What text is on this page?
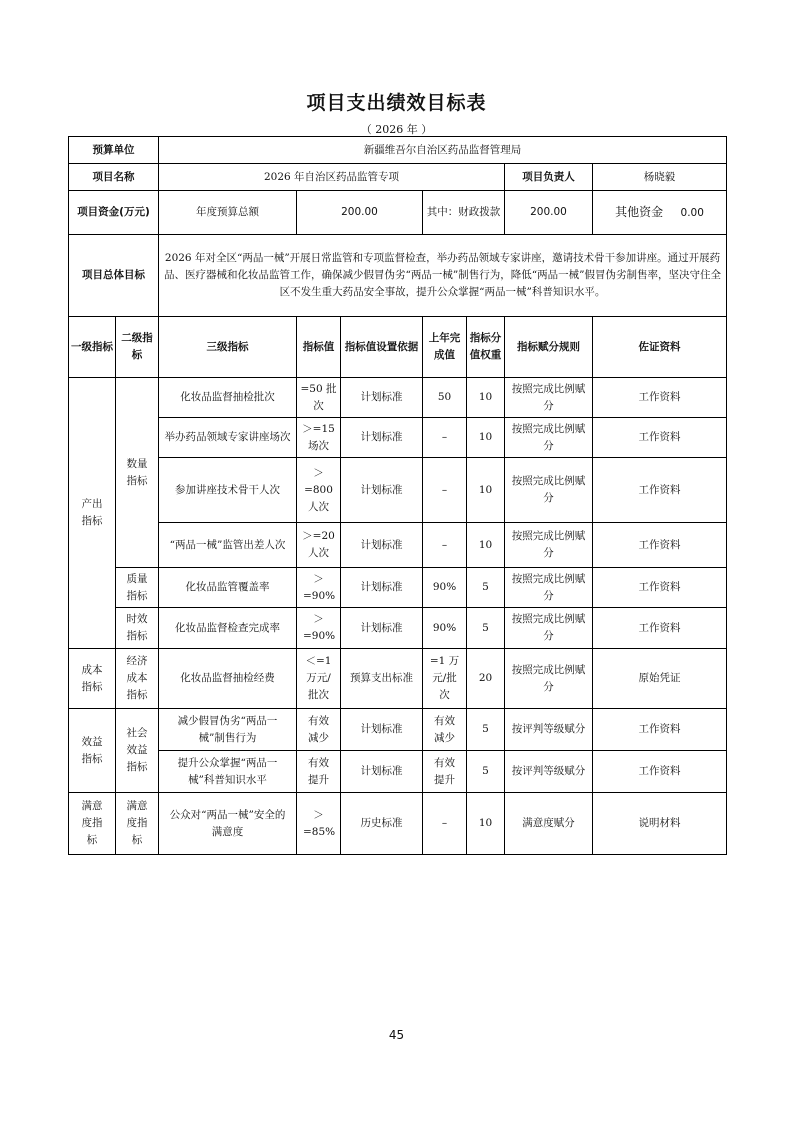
项目支出绩效目标表
（ 2026 年 ）
预算单位		新疆维吾尔自治区药品监督管理局						
项目名称		2026 年自治区药品监管专项					项目负责人	杨晓毅
项目资金(万元)		年度预算总额	200.00		其中：财政拨款		200.00	其他资金 0.00
项目总体目标		2026 年对全区“两品一械”开展日常监管和专项监督检查，举办药品领域专家讲座，邀请技术骨干参加讲座。通过开展药品、医疗器械和化妆品监管工作，确保减少假冒伪劣“两品一械”制售行为，降低“两品一械”假冒伪劣制售率，坚决守住全区不发生重大药品安全事故，提升公众掌握“两品一械”科普知识水平。						
一级指标	二级指标	三级指标	指标值	指标值设置依据	上年完成值	指标分值权重	指标赋分规则	佐证资料
产出指标	数量指标	化妆品监督抽检批次	=50 批次	计划标准	50	10	按照完成比例赋分	工作资料
		举办药品领域专家讲座场次	＞=15 场次	计划标准	–	10	按照完成比例赋分	工作资料
		参加讲座技术骨干人次	＞ =800 人次	计划标准	–	10	按照完成比例赋分	工作资料
		“两品一械”监管出差人次	＞=20 人次	计划标准	–	10	按照完成比例赋分	工作资料
	质量指标	化妆品监管覆盖率	＞ =90%	计划标准	90%	5	按照完成比例赋分	工作资料
	时效指标	化妆品监督检查完成率	＞ =90%	计划标准	90%	5	按照完成比例赋分	工作资料
成本指标	经济成本指标	化妆品监督抽检经费	＜=1 万元/ 批次	预算支出标准	=1 万元/批次	20	按照完成比例赋分	原始凭证
效益指标	社会效益指标	减少假冒伪劣“两品一械”制售行为	有效减少	计划标准	有效减少	5	按评判等级赋分	工作资料
		提升公众掌握“两品一械”科普知识水平	有效提升	计划标准	有效提升	5	按评判等级赋分	工作资料
满意度指标	满意度指标	公众对“两品一械”安全的满意度	＞ =85%	历史标准	–	10	满意度赋分	说明材料
45
